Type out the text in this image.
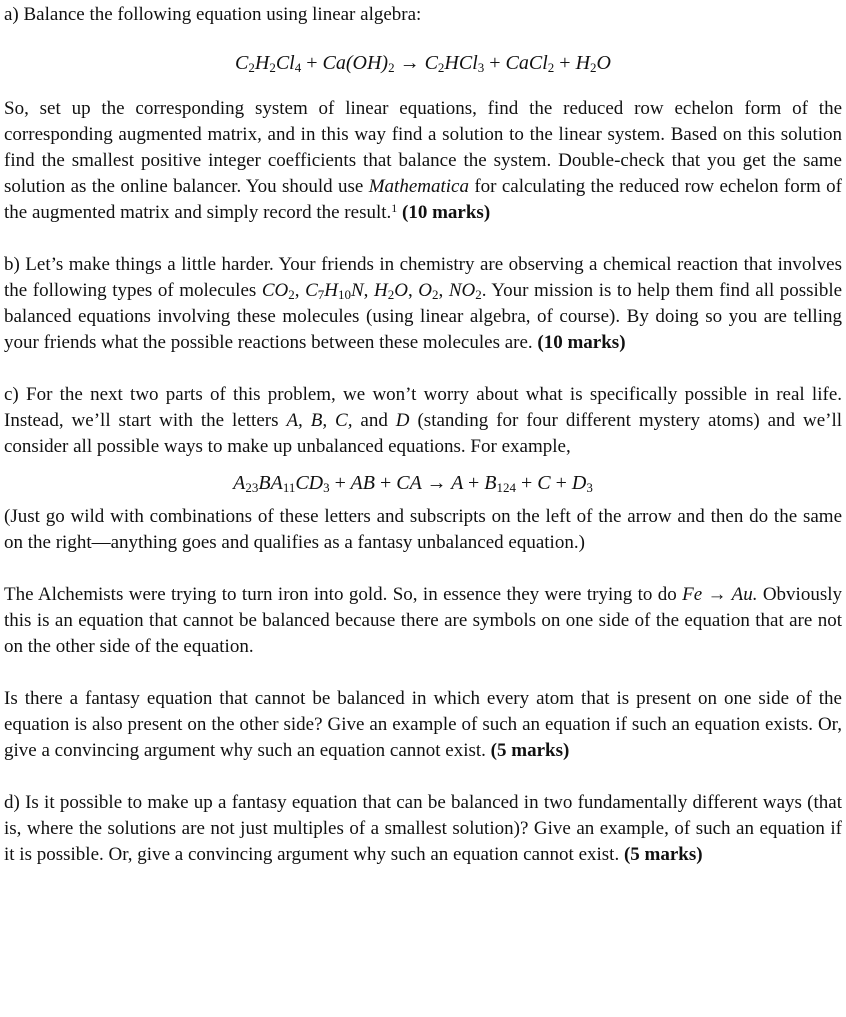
a) Balance the following equation using linear algebra:

$C_2H_2Cl_4 + Ca(OH)_2 \to C_2HCl_3$ + CaCl$_2$ + $H_2O$

So, set up the corresponding system of linear equations, find the reduced row echelon form of the corresponding augmented matrix, and in this way find a solution to the linear system. Based on this solution find the smallest positive integer coefficients that balance the system. Double-check that you get the same solution as the online balancer. You should use Mathematica for calculating the reduced row echelon form of the augmented matrix and simply record the result.$^1$ (10 marks)

b) Let’s make things a little harder. Your friends in chemistry are observing a chemical reaction that involves the following types of molecules $CO_2$, $C_7H_{10}N$, $H_2O$, $O_2$, $NO_2$. Your mission is to help them find all possible balanced equations involving these molecules (using linear algebra, of course). By doing so you are telling your friends what the possible reactions between these molecules are. (10 marks)

c) For the next two parts of this problem, we won’t worry about what is specifically possible in real life. Instead, we’ll start with the letters A, B, C, and D (standing for four different mystery atoms) and we’ll consider all possible ways to make up unbalanced equations. For example,

$A_{23}BA_{11}CD_3$ + AB + CA → $A + B_{124} + C + D_3$

(Just go wild with combinations of these letters and subscripts on the left of the arrow and then do the same on the right—anything goes and qualifies as a fantasy unbalanced equation.)

The Alchemists were trying to turn iron into gold. So, in essence they were trying to do Fe → Au. Obviously this is an equation that cannot be balanced because there are symbols on one side of the equation that are not on the other side of the equation.

Is there a fantasy equation that cannot be balanced in which every atom that is present on one side of the equation is also present on the other side? Give an example of such an equation if such an equation exists. Or, give a convincing argument why such an equation cannot exist. (5 marks)

d) Is it possible to make up a fantasy equation that can be balanced in two fundamentally different ways (that is, where the solutions are not just multiples of a smallest solution)? Give an example, of such an equation if it is possible. Or, give a convincing argument why such an equation cannot exist. (5 marks)
